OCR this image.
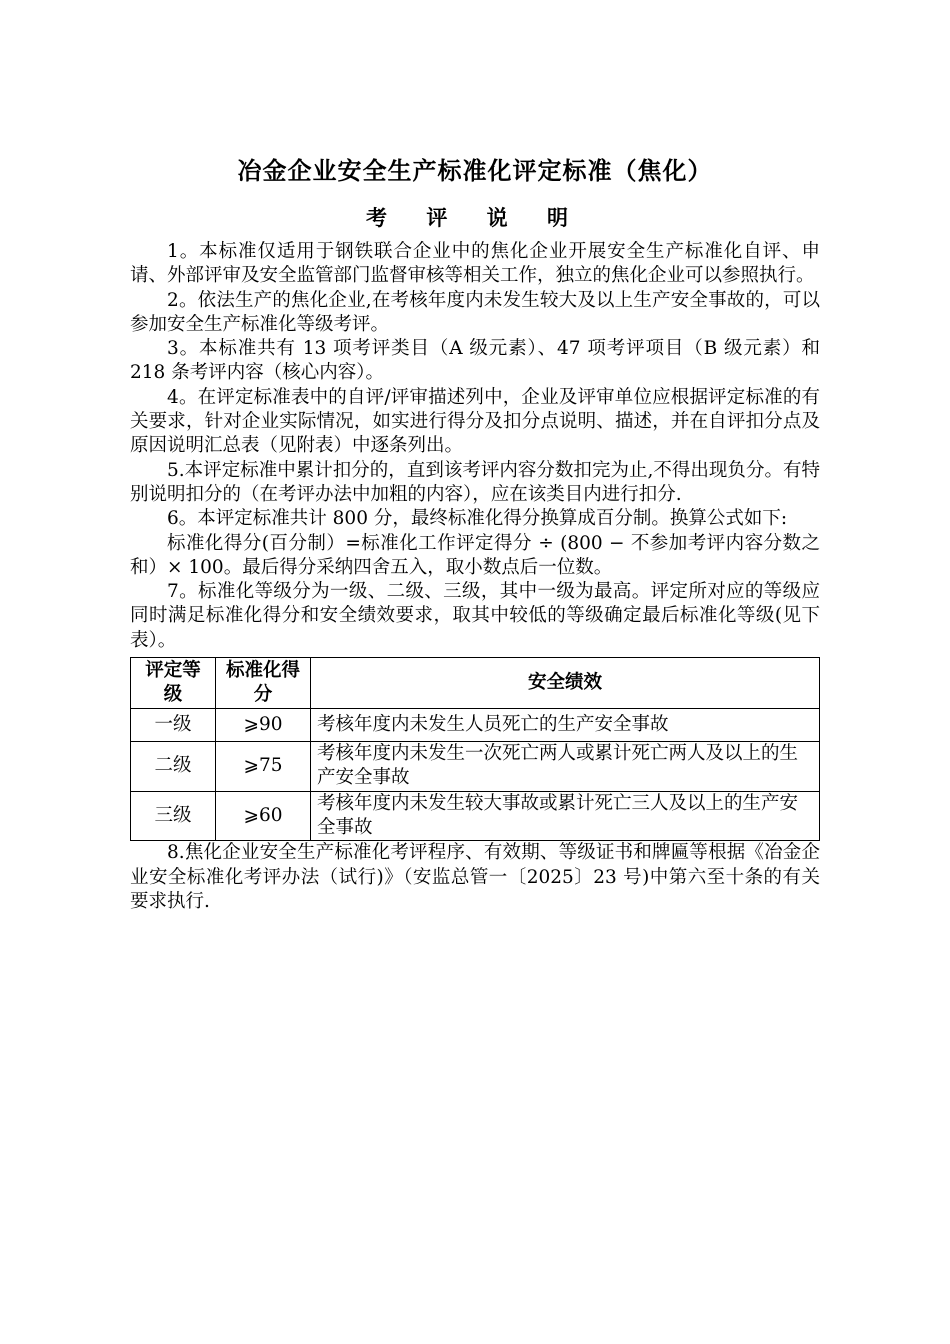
冶金企业安全生产标准化评定标准（焦化）
考 评 说 明

1。本标准仅适用于钢铁联合企业中的焦化企业开展安全生产标准化自评、申请、外部评审及安全监管部门监督审核等相关工作，独立的焦化企业可以参照执行。

2。依法生产的焦化企业,在考核年度内未发生较大及以上生产安全事故的，可以参加安全生产标准化等级考评。

3。本标准共有 13 项考评类目（A 级元素）、47 项考评项目（B 级元素）和 218 条考评内容（核心内容）。

4。在评定标准表中的自评/评审描述列中，企业及评审单位应根据评定标准的有关要求，针对企业实际情况，如实进行得分及扣分点说明、描述，并在自评扣分点及原因说明汇总表（见附表）中逐条列出。

5.本评定标准中累计扣分的，直到该考评内容分数扣完为止,不得出现负分。有特别说明扣分的（在考评办法中加粗的内容），应在该类目内进行扣分.

6。本评定标准共计 800 分，最终标准化得分换算成百分制。换算公式如下:

标准化得分(百分制）=标准化工作评定得分 ÷ (800 − 不参加考评内容分数之和）× 100。最后得分采纳四舍五入，取小数点后一位数。

7。标准化等级分为一级、二级、三级，其中一级为最高。评定所对应的等级应同时满足标准化得分和安全绩效要求，取其中较低的等级确定最后标准化等级(见下表）。

评定等级	标准化得分	安全绩效
一级	⩾90	考核年度内未发生人员死亡的生产安全事故
二级	⩾75	考核年度内未发生一次死亡两人或累计死亡两人及以上的生产安全事故
三级	⩾60	考核年度内未发生较大事故或累计死亡三人及以上的生产安全事故

8.焦化企业安全生产标准化考评程序、有效期、等级证书和牌匾等根据《冶金企业安全标准化考评办法（试行)》（安监总管一〔2025〕23 号)中第六至十条的有关要求执行.
